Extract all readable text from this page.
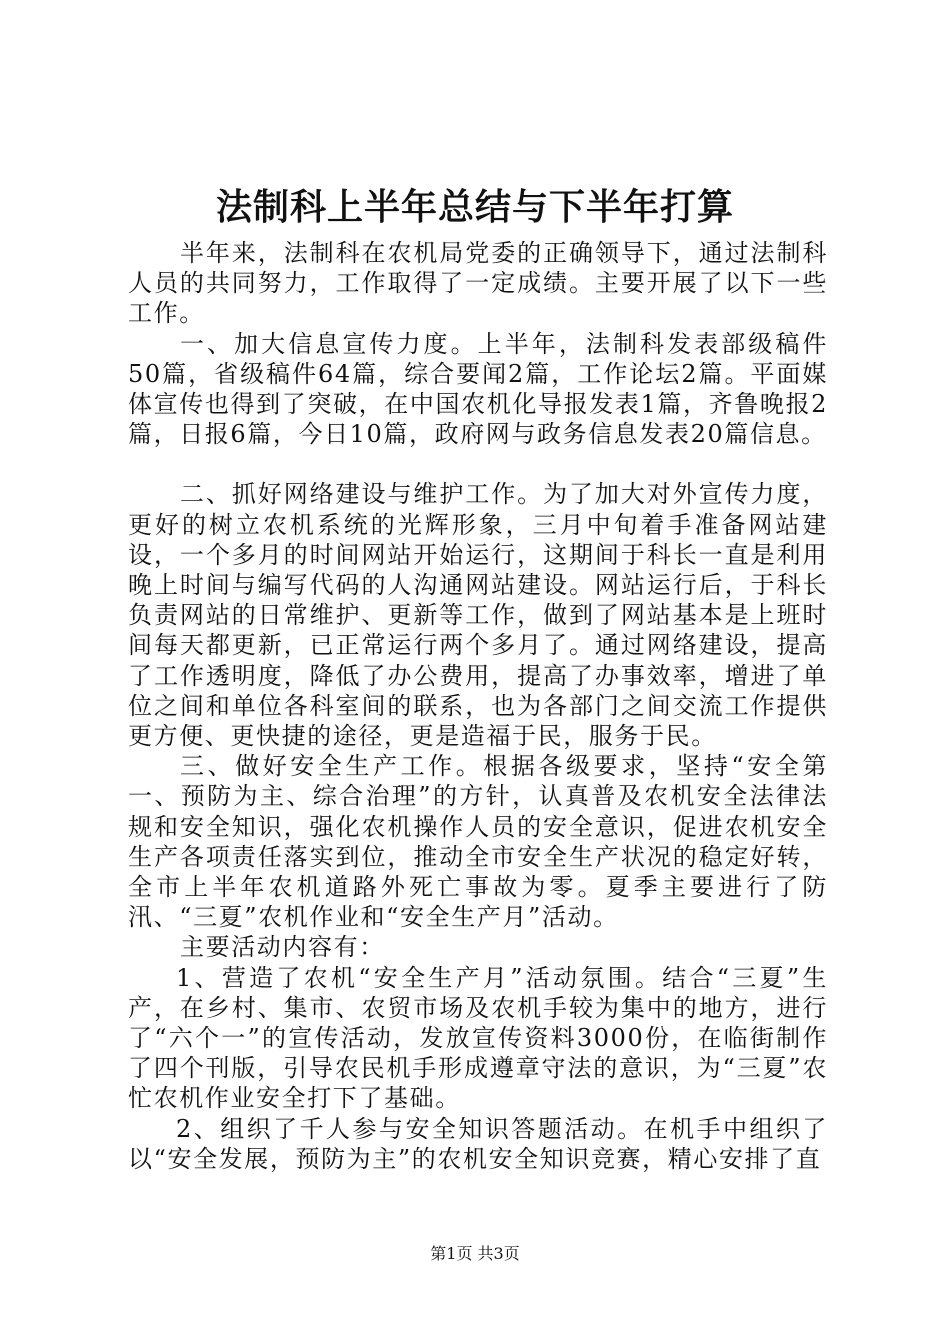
法制科上半年总结与下半年打算

半年来，法制科在农机局党委的正确领导下，通过法制科人员的共同努力，工作取得了一定成绩。主要开展了以下一些工作。

一、加大信息宣传力度。上半年，法制科发表部级稿件50篇，省级稿件64篇，综合要闻2篇，工作论坛2篇。平面媒体宣传也得到了突破，在中国农机化导报发表1篇，齐鲁晚报2篇，日报6篇，今日10篇，政府网与政务信息发表20篇信息。

二、抓好网络建设与维护工作。为了加大对外宣传力度，更好的树立农机系统的光辉形象，三月中旬着手准备网站建设，一个多月的时间网站开始运行，这期间于科长一直是利用晚上时间与编写代码的人沟通网站建设。网站运行后，于科长负责网站的日常维护、更新等工作，做到了网站基本是上班时间每天都更新，已正常运行两个多月了。通过网络建设，提高了工作透明度，降低了办公费用，提高了办事效率，增进了单位之间和单位各科室间的联系，也为各部门之间交流工作提供更方便、更快捷的途径，更是造福于民，服务于民。

三、做好安全生产工作。根据各级要求，坚持“安全第一、预防为主、综合治理”的方针，认真普及农机安全法律法规和安全知识，强化农机操作人员的安全意识，促进农机安全生产各项责任落实到位，推动全市安全生产状况的稳定好转，全市上半年农机道路外死亡事故为零。夏季主要进行了防汛、“三夏”农机作业和“安全生产月”活动。

主要活动内容有：

1、营造了农机“安全生产月”活动氛围。结合“三夏”生产，在乡村、集市、农贸市场及农机手较为集中的地方，进行了“六个一”的宣传活动，发放宣传资料3000份，在临街制作了四个刊版，引导农民机手形成遵章守法的意识，为“三夏”农忙农机作业安全打下了基础。

2、组织了千人参与安全知识答题活动。在机手中组织了以“安全发展，预防为主”的农机安全知识竞赛，精心安排了直

第1页 共3页
